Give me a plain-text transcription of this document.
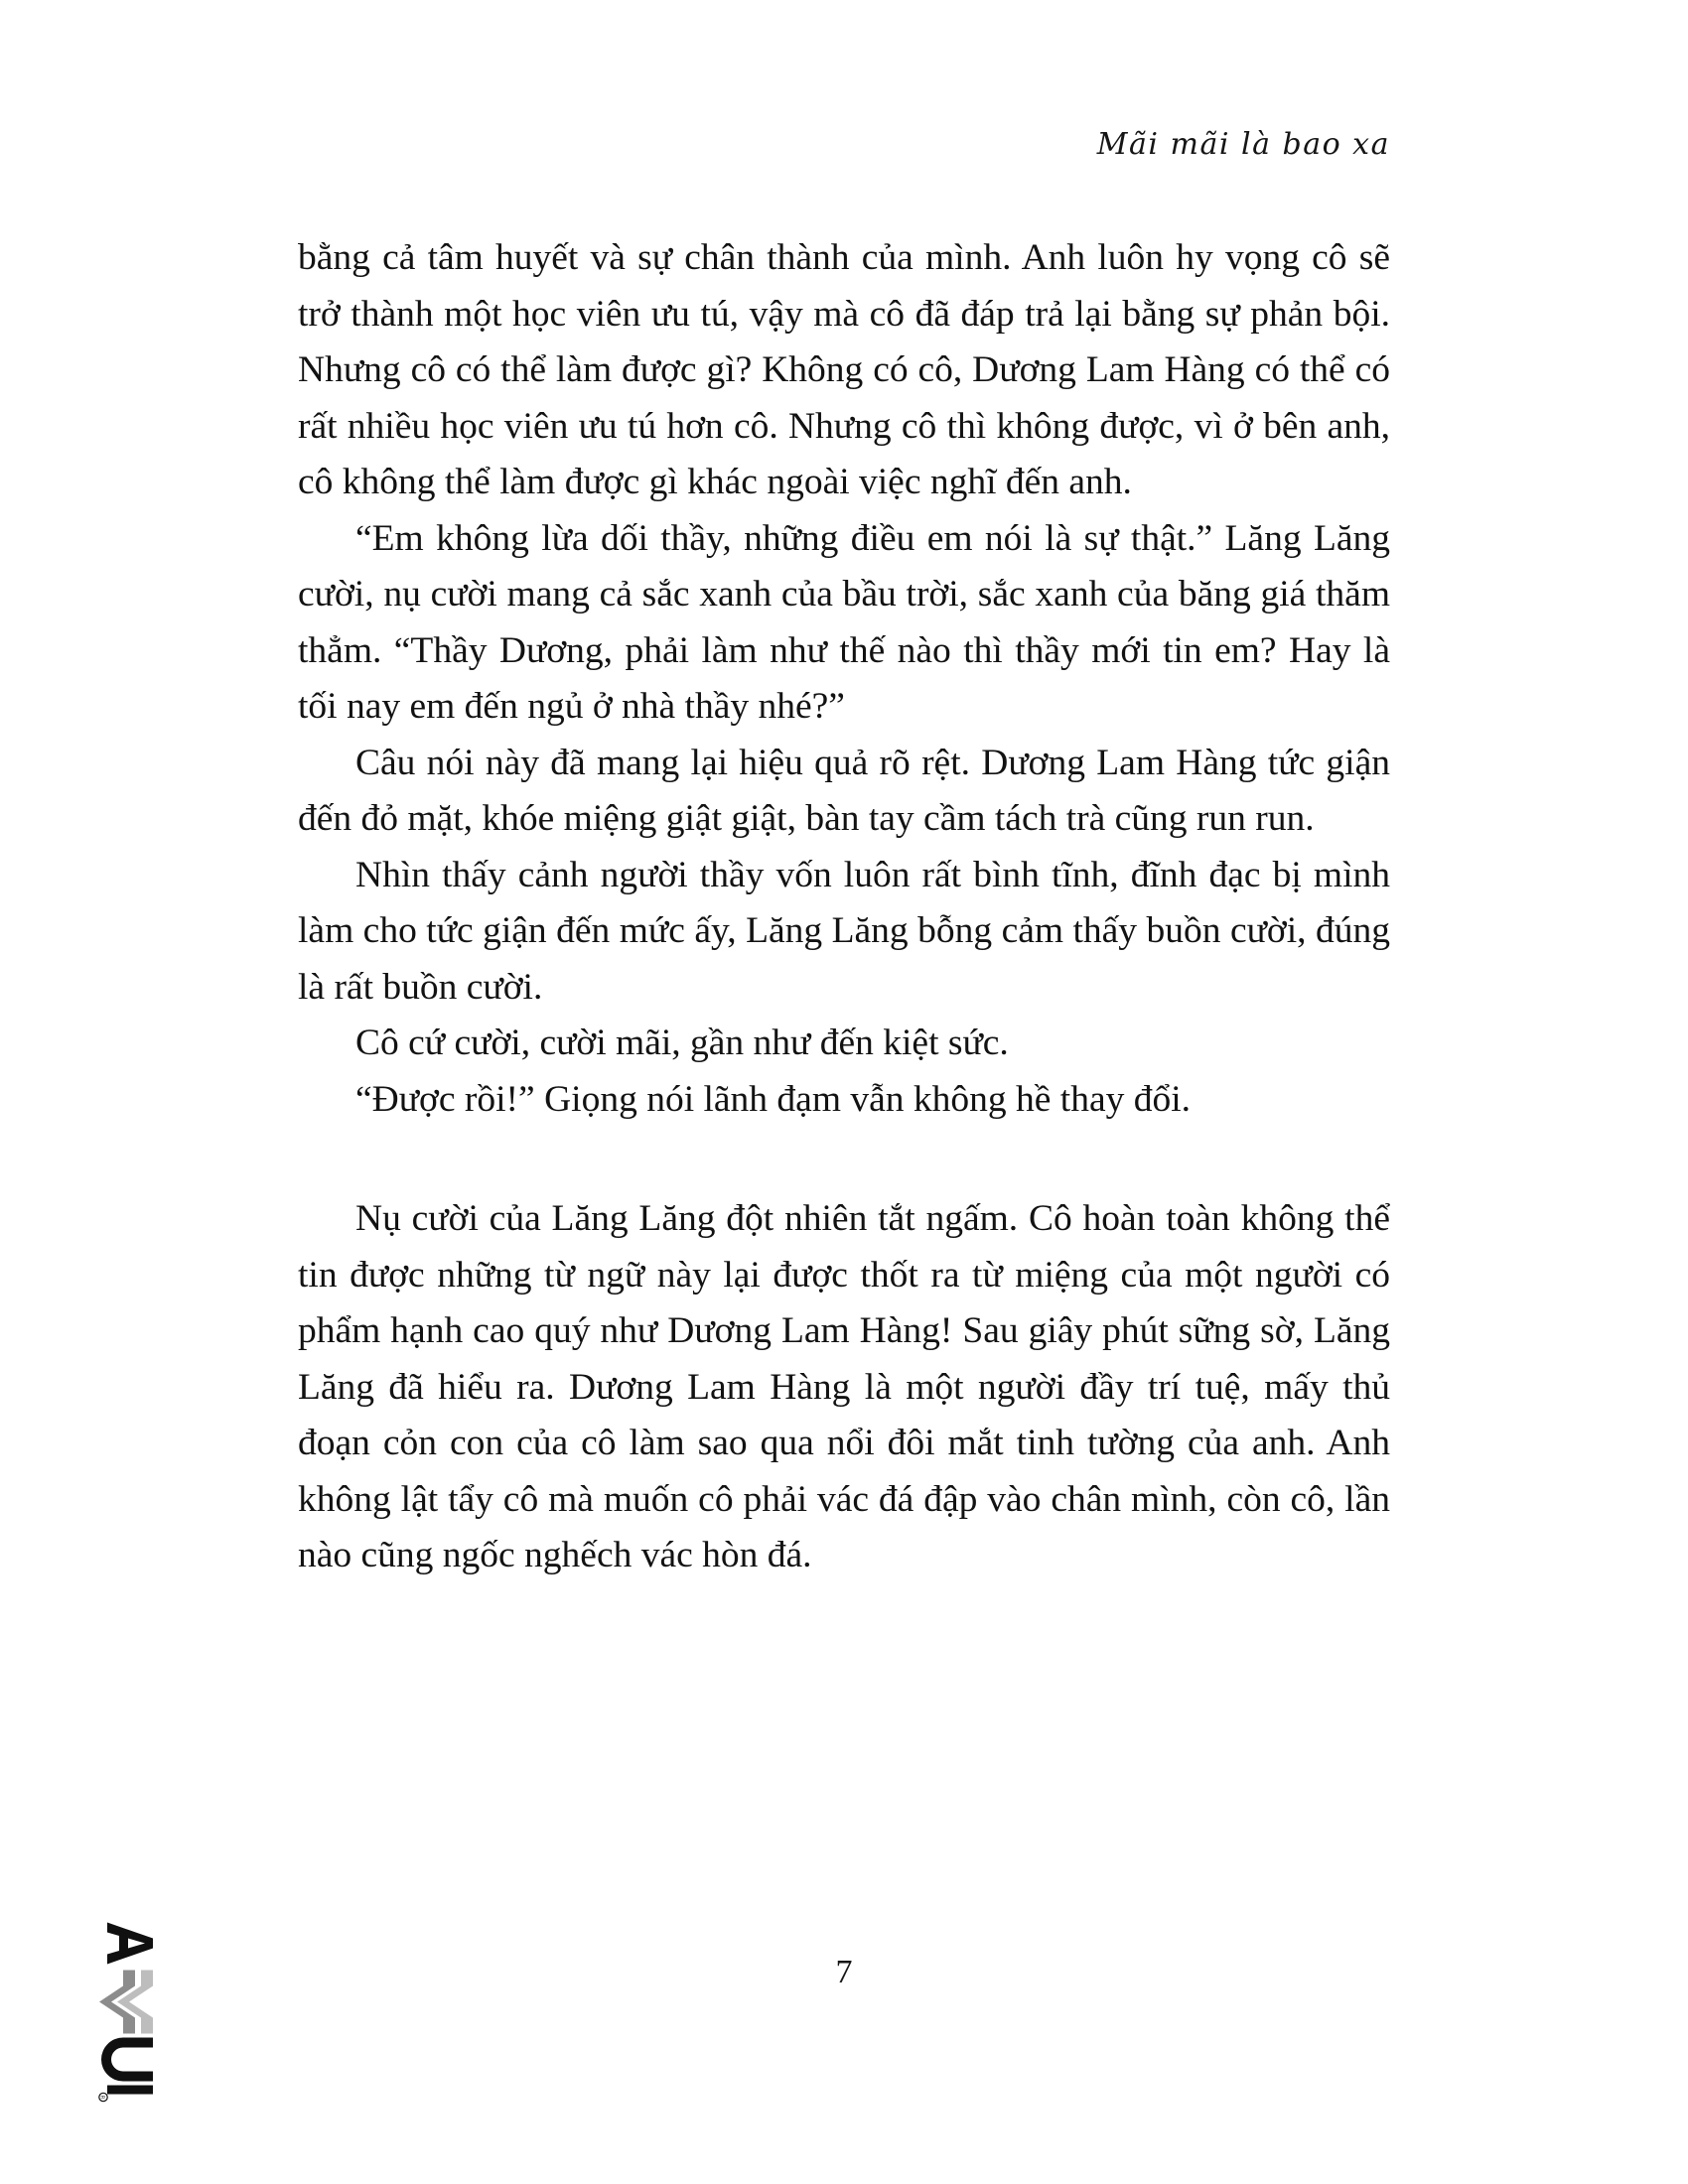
Mãi mãi là bao xa

bằng cả tâm huyết và sự chân thành của mình. Anh luôn hy vọng cô sẽ trở thành một học viên ưu tú, vậy mà cô đã đáp trả lại bằng sự phản bội. Nhưng cô có thể làm được gì? Không có cô, Dương Lam Hàng có thể có rất nhiều học viên ưu tú hơn cô. Nhưng cô thì không được, vì ở bên anh, cô không thể làm được gì khác ngoài việc nghĩ đến anh.

“Em không lừa dối thầy, những điều em nói là sự thật.” Lăng Lăng cười, nụ cười mang cả sắc xanh của bầu trời, sắc xanh của băng giá thăm thẳm. “Thầy Dương, phải làm như thế nào thì thầy mới tin em? Hay là tối nay em đến ngủ ở nhà thầy nhé?”

Câu nói này đã mang lại hiệu quả rõ rệt. Dương Lam Hàng tức giận đến đỏ mặt, khóe miệng giật giật, bàn tay cầm tách trà cũng run run.

Nhìn thấy cảnh người thầy vốn luôn rất bình tĩnh, đĩnh đạc bị mình làm cho tức giận đến mức ấy, Lăng Lăng bỗng cảm thấy buồn cười, đúng là rất buồn cười.

Cô cứ cười, cười mãi, gần như đến kiệt sức.

“Được rồi!” Giọng nói lãnh đạm vẫn không hề thay đổi.

Nụ cười của Lăng Lăng đột nhiên tắt ngấm. Cô hoàn toàn không thể tin được những từ ngữ này lại được thốt ra từ miệng của một người có phẩm hạnh cao quý như Dương Lam Hàng! Sau giây phút sững sờ, Lăng Lăng đã hiểu ra. Dương Lam Hàng là một người đầy trí tuệ, mấy thủ đoạn cỏn con của cô làm sao qua nổi đôi mắt tinh tường của anh. Anh không lật tẩy cô mà muốn cô phải vác đá đập vào chân mình, còn cô, lần nào cũng ngốc nghếch vác hòn đá.

7
R
